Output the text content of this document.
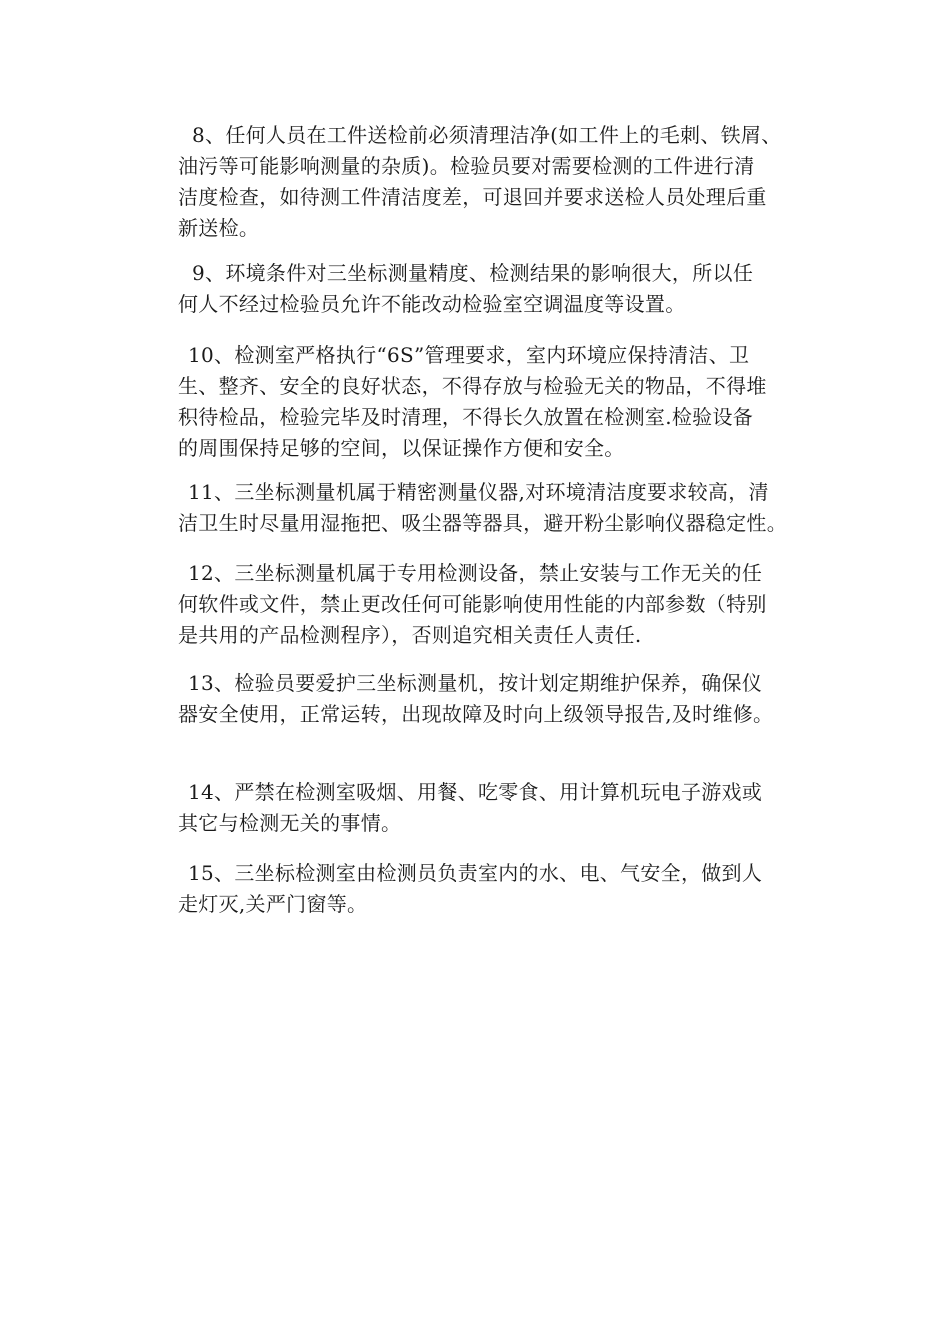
8、任何人员在工件送检前必须清理洁净(如工件上的毛刺、铁屑、
油污等可能影响测量的杂质)。检验员要对需要检测的工件进行清
洁度检查，如待测工件清洁度差，可退回并要求送检人员处理后重
新送检。
9、环境条件对三坐标测量精度、检测结果的影响很大，所以任
何人不经过检验员允许不能改动检验室空调温度等设置。
10、检测室严格执行“6S”管理要求，室内环境应保持清洁、卫
生、整齐、安全的良好状态，不得存放与检验无关的物品，不得堆
积待检品，检验完毕及时清理，不得长久放置在检测室.检验设备
的周围保持足够的空间，以保证操作方便和安全。
11、三坐标测量机属于精密测量仪器,对环境清洁度要求较高，清
洁卫生时尽量用湿拖把、吸尘器等器具，避开粉尘影响仪器稳定性。
12、三坐标测量机属于专用检测设备，禁止安装与工作无关的任
何软件或文件，禁止更改任何可能影响使用性能的内部参数（特别
是共用的产品检测程序），否则追究相关责任人责任.
13、检验员要爱护三坐标测量机，按计划定期维护保养，确保仪
器安全使用，正常运转，出现故障及时向上级领导报告,及时维修。
14、严禁在检测室吸烟、用餐、吃零食、用计算机玩电子游戏或
其它与检测无关的事情。
15、三坐标检测室由检测员负责室内的水、电、气安全，做到人
走灯灭,关严门窗等。
